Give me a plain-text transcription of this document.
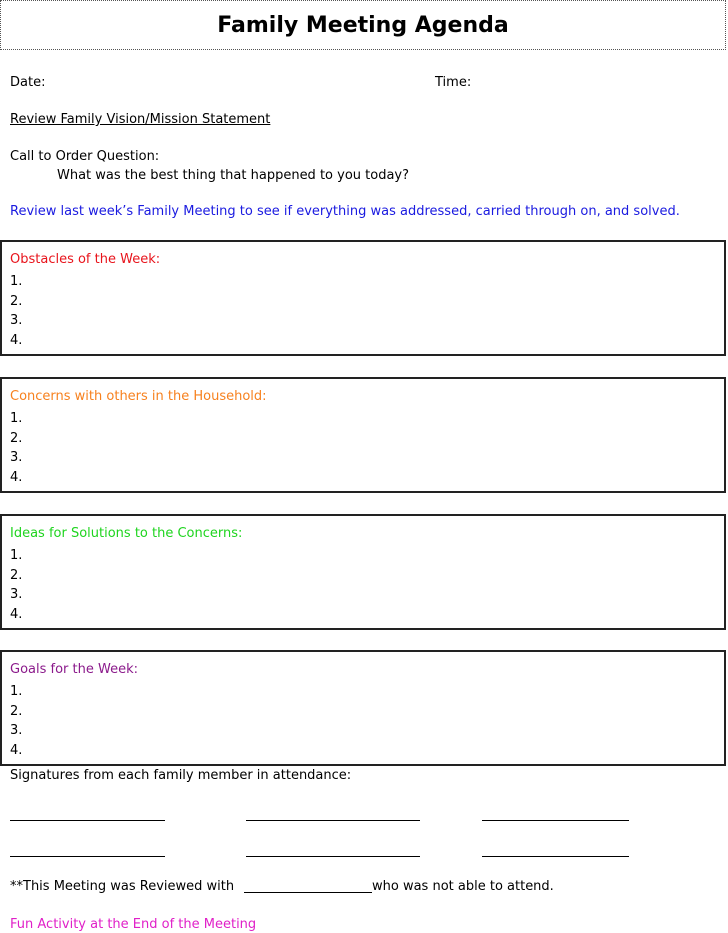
Family Meeting Agenda
Date:	Time:
Review Family Vision/Mission Statement
Call to Order Question:
What was the best thing that happened to you today?
Review last week’s Family Meeting to see if everything was addressed, carried through on, and solved.
Obstacles of the Week:
1.
2.
3.
4.
Concerns with others in the Household:
1.
2.
3.
4.
Ideas for Solutions to the Concerns:
1.
2.
3.
4.
Goals for the Week:
1.
2.
3.
4.
Signatures from each family member in attendance:
**This Meeting was Reviewed with	who was not able to attend.
Fun Activity at the End of the Meeting
